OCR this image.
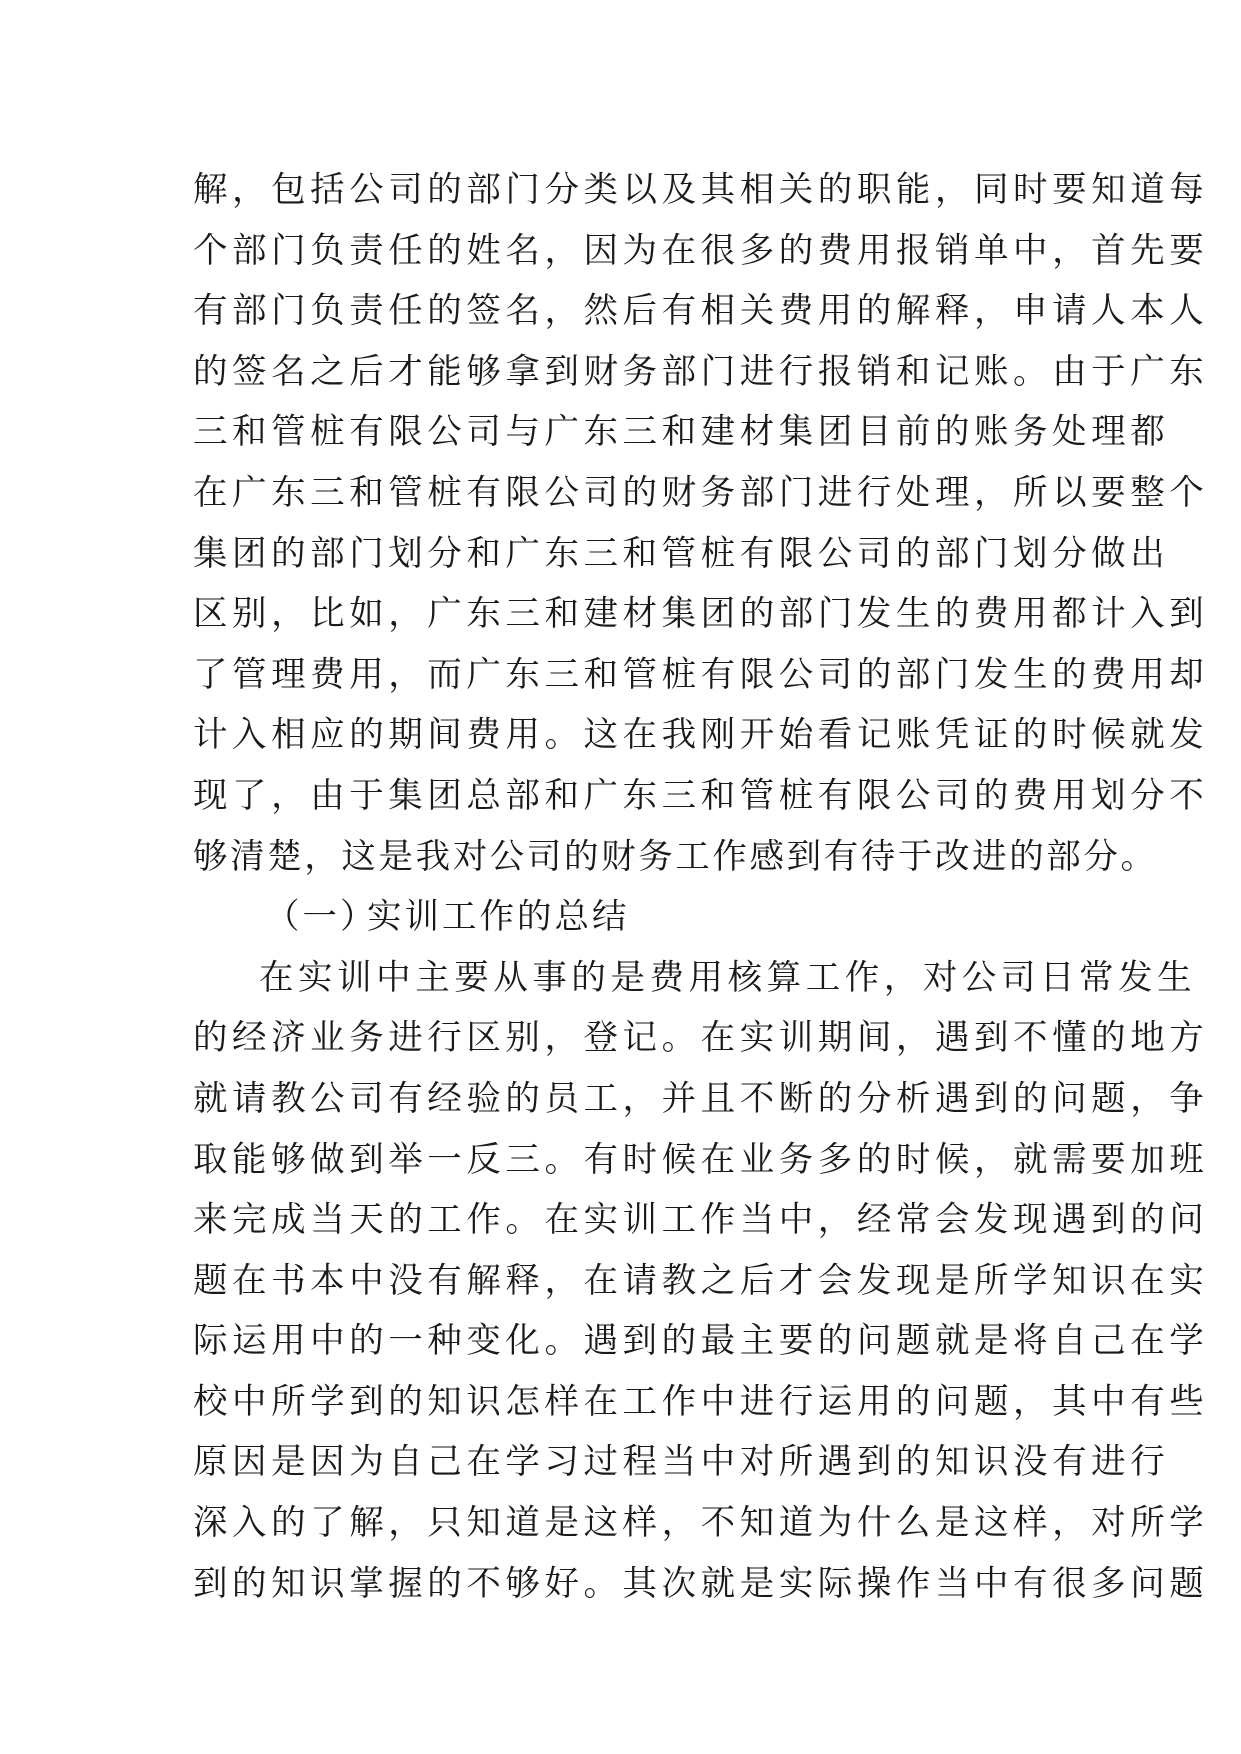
解，包括公司的部门分类以及其相关的职能，同时要知道每
个部门负责任的姓名，因为在很多的费用报销单中，首先要
有部门负责任的签名，然后有相关费用的解释，申请人本人
的签名之后才能够拿到财务部门进行报销和记账。由于广东
三和管桩有限公司与广东三和建材集团目前的账务处理都
在广东三和管桩有限公司的财务部门进行处理，所以要整个
集团的部门划分和广东三和管桩有限公司的部门划分做出
区别，比如，广东三和建材集团的部门发生的费用都计入到
了管理费用，而广东三和管桩有限公司的部门发生的费用却
计入相应的期间费用。这在我刚开始看记账凭证的时候就发
现了，由于集团总部和广东三和管桩有限公司的费用划分不
够清楚，这是我对公司的财务工作感到有待于改进的部分。
（一）实训工作的总结
在实训中主要从事的是费用核算工作，对公司日常发生
的经济业务进行区别，登记。在实训期间，遇到不懂的地方
就请教公司有经验的员工，并且不断的分析遇到的问题，争
取能够做到举一反三。有时候在业务多的时候，就需要加班
来完成当天的工作。在实训工作当中，经常会发现遇到的问
题在书本中没有解释，在请教之后才会发现是所学知识在实
际运用中的一种变化。遇到的最主要的问题就是将自己在学
校中所学到的知识怎样在工作中进行运用的问题，其中有些
原因是因为自己在学习过程当中对所遇到的知识没有进行
深入的了解，只知道是这样，不知道为什么是这样，对所学
到的知识掌握的不够好。其次就是实际操作当中有很多问题
